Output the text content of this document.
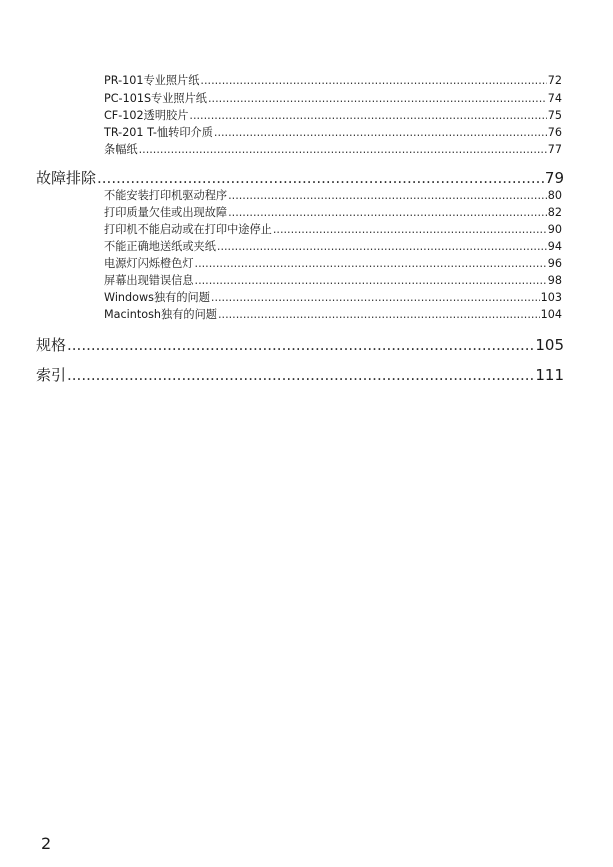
PR-101专业照片纸 .....	72
PC-101S专业照片纸 .....	74
CF-102透明胶片 .....	75
TR-201 T-恤转印介质 .....	76
条幅纸 .....	77
故障排除 .....	79
不能安装打印机驱动程序 .....	80
打印质量欠佳或出现故障 .....	82
打印机不能启动或在打印中途停止 .....	90
不能正确地送纸或夹纸 .....	94
电源灯闪烁橙色灯 .....	96
屏幕出现错误信息 .....	98
Windows独有的问题 .....	103
Macintosh独有的问题 .....	104
规格 .....	105
索引 .....	111
2
